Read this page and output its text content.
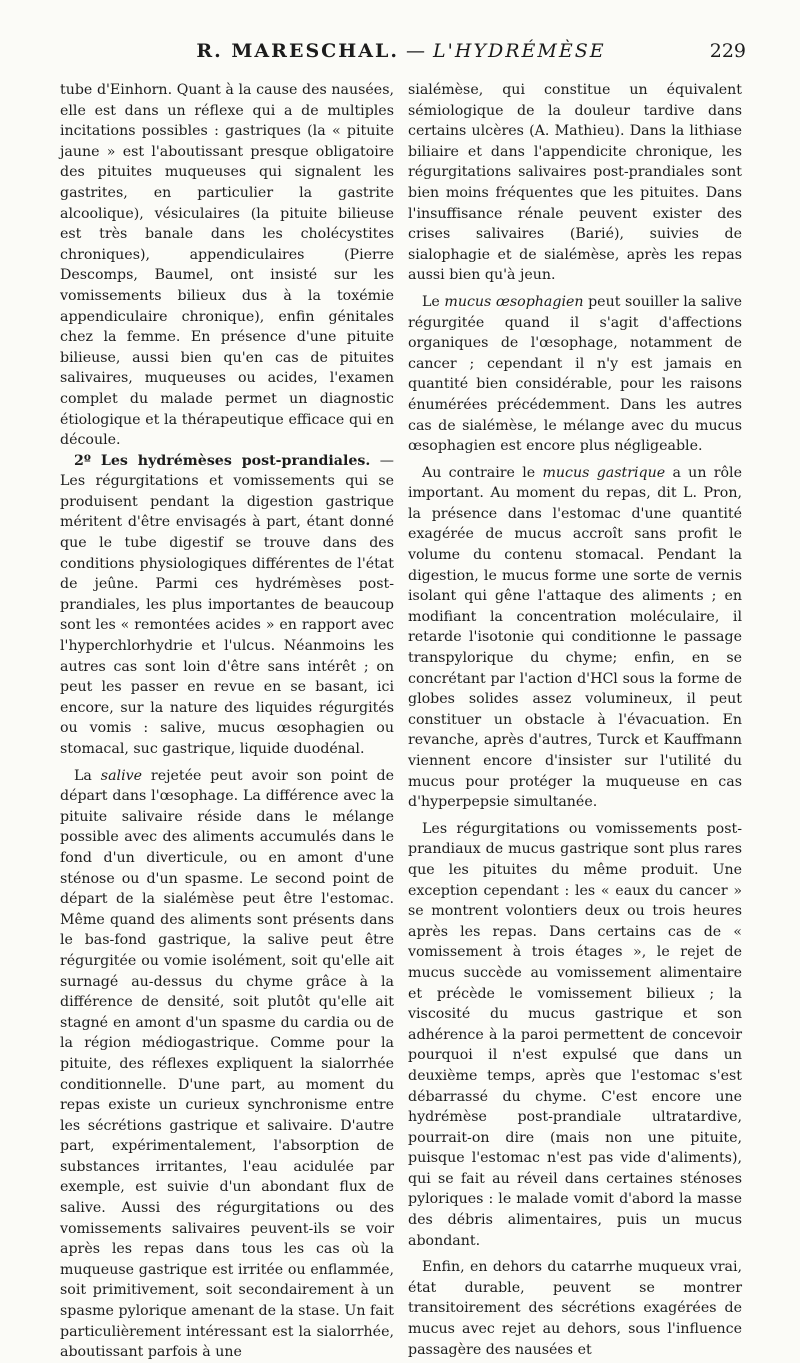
R. MARESCHAL. — L'HYDRÉMÈSE	229

tube d'Einhorn. Quant à la cause des nausées, elle est dans un réflexe qui a de multiples incitations possibles : gastriques (la « pituite jaune » est l'aboutissant presque obligatoire des pituites muqueuses qui signalent les gastrites, en particulier la gastrite alcoolique), vésiculaires (la pituite bilieuse est très banale dans les cholécystites chroniques), appendiculaires (Pierre Descomps, Baumel, ont insisté sur les vomissements bilieux dus à la toxémie appendiculaire chronique), enfin génitales chez la femme. En présence d'une pituite bilieuse, aussi bien qu'en cas de pituites salivaires, muqueuses ou acides, l'examen complet du malade permet un diagnostic étiologique et la thérapeutique efficace qui en découle.

2º Les hydrémèses post-prandiales. — Les régurgitations et vomissements qui se produisent pendant la digestion gastrique méritent d'être envisagés à part, étant donné que le tube digestif se trouve dans des conditions physiologiques différentes de l'état de jeûne. Parmi ces hydrémèses post-prandiales, les plus importantes de beaucoup sont les « remontées acides » en rapport avec l'hyperchlorhydrie et l'ulcus. Néanmoins les autres cas sont loin d'être sans intérêt ; on peut les passer en revue en se basant, ici encore, sur la nature des liquides régurgités ou vomis : salive, mucus œsophagien ou stomacal, suc gastrique, liquide duodénal.

La salive rejetée peut avoir son point de départ dans l'œsophage. La différence avec la pituite salivaire réside dans le mélange possible avec des aliments accumulés dans le fond d'un diverticule, ou en amont d'une sténose ou d'un spasme. Le second point de départ de la sialémèse peut être l'estomac. Même quand des aliments sont présents dans le bas-fond gastrique, la salive peut être régurgitée ou vomie isolément, soit qu'elle ait surnagé au-dessus du chyme grâce à la différence de densité, soit plutôt qu'elle ait stagné en amont d'un spasme du cardia ou de la région médiogastrique. Comme pour la pituite, des réflexes expliquent la sialorrhée conditionnelle. D'une part, au moment du repas existe un curieux synchronisme entre les sécrétions gastrique et salivaire. D'autre part, expérimentalement, l'absorption de substances irritantes, l'eau acidulée par exemple, est suivie d'un abondant flux de salive. Aussi des régurgitations ou des vomissements salivaires peuvent-ils se voir après les repas dans tous les cas où la muqueuse gastrique est irritée ou enflammée, soit primitivement, soit secondairement à un spasme pylorique amenant de la stase. Un fait particulièrement intéressant est la sialorrhée, aboutissant parfois à une

sialémèse, qui constitue un équivalent sémiologique de la douleur tardive dans certains ulcères (A. Mathieu). Dans la lithiase biliaire et dans l'appendicite chronique, les régurgitations salivaires post-prandiales sont bien moins fréquentes que les pituites. Dans l'insuffisance rénale peuvent exister des crises salivaires (Barié), suivies de sialophagie et de sialémèse, après les repas aussi bien qu'à jeun.

Le mucus œsophagien peut souiller la salive régurgitée quand il s'agit d'affections organiques de l'œsophage, notamment de cancer ; cependant il n'y est jamais en quantité bien considérable, pour les raisons énumérées précédemment. Dans les autres cas de sialémèse, le mélange avec du mucus œsophagien est encore plus négligeable.

Au contraire le mucus gastrique a un rôle important. Au moment du repas, dit L. Pron, la présence dans l'estomac d'une quantité exagérée de mucus accroît sans profit le volume du contenu stomacal. Pendant la digestion, le mucus forme une sorte de vernis isolant qui gêne l'attaque des aliments ; en modifiant la concentration moléculaire, il retarde l'isotonie qui conditionne le passage transpylorique du chyme; enfin, en se concrétant par l'action d'HCl sous la forme de globes solides assez volumineux, il peut constituer un obstacle à l'évacuation. En revanche, après d'autres, Turck et Kauffmann viennent encore d'insister sur l'utilité du mucus pour protéger la muqueuse en cas d'hyperpepsie simultanée.

Les régurgitations ou vomissements post-prandiaux de mucus gastrique sont plus rares que les pituites du même produit. Une exception cependant : les « eaux du cancer » se montrent volontiers deux ou trois heures après les repas. Dans certains cas de « vomissement à trois étages », le rejet de mucus succède au vomissement alimentaire et précède le vomissement bilieux ; la viscosité du mucus gastrique et son adhérence à la paroi permettent de concevoir pourquoi il n'est expulsé que dans un deuxième temps, après que l'estomac s'est débarrassé du chyme. C'est encore une hydrémèse post-prandiale ultratardive, pourrait-on dire (mais non une pituite, puisque l'estomac n'est pas vide d'aliments), qui se fait au réveil dans certaines sténoses pyloriques : le malade vomit d'abord la masse des débris alimentaires, puis un mucus abondant.

Enfin, en dehors du catarrhe muqueux vrai, état durable, peuvent se montrer transitoirement des sécrétions exagérées de mucus avec rejet au dehors, sous l'influence passagère des nausées et
